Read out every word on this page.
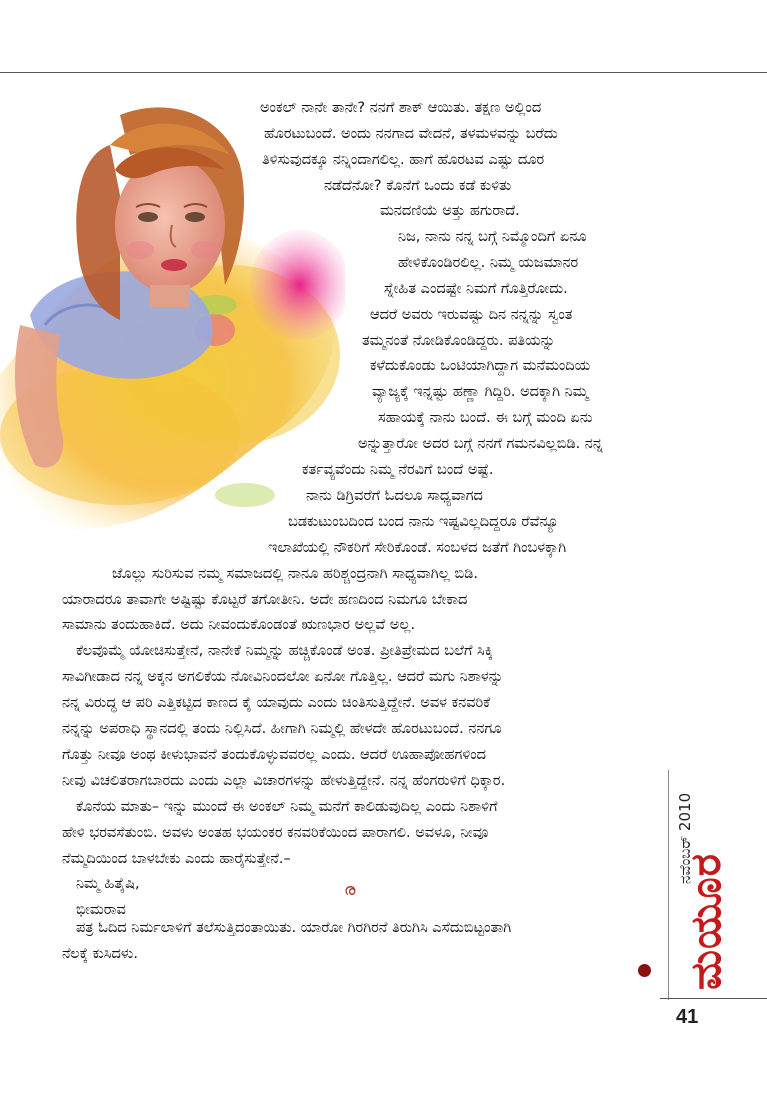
ಅಂಕಲ್ ನಾನೇ ತಾನೇ? ನನಗೆ ಶಾಕ್ ಆಯಿತು. ತಕ್ಷಣ ಅಲ್ಲಿಂದ
ಹೊರಟುಬಂದೆ. ಅಂದು ನನಗಾದ ವೇದನೆ, ತಳಮಳವನ್ನು ಬರೆದು
ತಿಳಿಸುವುದಕ್ಕೂ ನನ್ನಿಂದಾಗಲಿಲ್ಲ. ಹಾಗೆ ಹೊರಟವ ಎಷ್ಟು ದೂರ
ನಡೆದೆನೋ? ಕೊನೆಗೆ ಒಂದು ಕಡೆ ಕುಳಿತು
ಮನದಣಿಯೆ ಅತ್ತು ಹಗುರಾದೆ.
ನಿಜ, ನಾನು ನನ್ನ ಬಗ್ಗೆ ನಿಮ್ಮೊಂದಿಗೆ ಏನೂ
ಹೇಳಿಕೊಂಡಿರಲಿಲ್ಲ. ನಿಮ್ಮ ಯಜಮಾನರ
ಸ್ನೇಹಿತ ಎಂದಷ್ಟೇ ನಿಮಗೆ ಗೊತ್ತಿರೋದು.
ಆದರೆ ಅವರು ಇರುವಷ್ಟು ದಿನ ನನ್ನನ್ನು ಸ್ವಂತ
ತಮ್ಮನಂತೆ ನೋಡಿಕೊಂಡಿದ್ದರು. ಪತಿಯನ್ನು
ಕಳೆದುಕೊಂಡು ಒಂಟಿಯಾಗಿದ್ದಾಗ ಮನೆಮಂದಿಯ
ವ್ಯಾಜ್ಯಕ್ಕೆ ಇನ್ನಷ್ಟು ಹಣ್ಣಾ ಗಿದ್ದಿರಿ. ಅದಕ್ಕಾಗಿ ನಿಮ್ಮ
ಸಹಾಯಕ್ಕೆ ನಾನು ಬಂದೆ. ಈ ಬಗ್ಗೆ ಮಂದಿ ಏನು
ಅನ್ನುತ್ತಾರೋ ಅದರ ಬಗ್ಗೆ ನನಗೆ ಗಮನವಿಲ್ಲಬಿಡಿ. ನನ್ನ
ಕರ್ತವ್ಯವೆಂದು ನಿಮ್ಮ ನೆರವಿಗೆ ಬಂದೆ ಅಷ್ಟೆ.
ನಾನು ಡಿಗ್ರಿವರೆಗೆ ಓದಲೂ ಸಾಧ್ಯವಾಗದ
ಬಡಕುಟುಂಬದಿಂದ ಬಂದ ನಾನು ಇಷ್ಟವಿಲ್ಲದಿದ್ದರೂ ರೆವೆನ್ಯೂ
ಇಲಾಖೆಯಲ್ಲಿ ನೌಕರಿಗೆ ಸೇರಿಕೊಂಡೆ. ಸಂಬಳದ ಜತೆಗೆ ಗಿಂಬಳಕ್ಕಾಗಿ
ಜೊಲ್ಲು ಸುರಿಸುವ ನಮ್ಮ ಸಮಾಜದಲ್ಲಿ ನಾನೂ ಹರಿಶ್ಚಂದ್ರನಾಗಿ ಸಾಧ್ಯವಾಗಿಲ್ಲ ಬಿಡಿ.
ಯಾರಾದರೂ ತಾವಾಗೇ ಅಷ್ಟಿಷ್ಟು ಕೊಟ್ಟರೆ ತಗೋತೀನಿ. ಅದೇ ಹಣದಿಂದ ನಿಮಗೂ ಬೇಕಾದ
ಸಾಮಾನು ತಂದುಹಾಕಿದೆ. ಅದು ನೀವಂದುಕೊಂಡಂತೆ ಋಣಭಾರ ಅಲ್ಲವೆ ಅಲ್ಲ.
ಕೆಲವೊಮ್ಮೆ ಯೋಚಿಸುತ್ತೇನೆ, ನಾನೇಕೆ ನಿಮ್ಮನ್ನು ಹಚ್ಚಿಕೊಂಡೆ ಅಂತ. ಪ್ರೀತಿಪ್ರೇಮದ ಬಲೆಗೆ ಸಿಕ್ಕಿ
ಸಾವಿಗೀಡಾದ ನನ್ನ ಅಕ್ಕನ ಅಗಲಿಕೆಯ ನೋವಿನಿಂದಲೋ ಏನೋ ಗೊತ್ತಿಲ್ಲ. ಆದರೆ ಮಗು ನಿಶಾಳನ್ನು
ನನ್ನ ವಿರುದ್ಧ ಆ ಪರಿ ಎತ್ತಿಕಟ್ಟಿದ ಕಾಣದ ಕೈ ಯಾವುದು ಎಂದು ಚಿಂತಿಸುತ್ತಿದ್ದೇನೆ. ಅವಳ ಕನವರಿಕೆ
ನನ್ನನ್ನು ಅಪರಾಧಿ ಸ್ಥಾನದಲ್ಲಿ ತಂದು ನಿಲ್ಲಿಸಿದೆ. ಹೀಗಾಗಿ ನಿಮ್ಮಲ್ಲಿ ಹೇಳದೇ ಹೊರಟುಬಂದೆ. ನನಗೂ
ಗೊತ್ತು ನೀವೂ ಅಂಥ ಕೀಳುಭಾವನೆ ತಂದುಕೊಳ್ಳುವವರಲ್ಲ ಎಂದು. ಆದರೆ ಊಹಾಪೋಹಗಳಿಂದ
ನೀವು ವಿಚಲಿತರಾಗಬಾರದು ಎಂದು ಎಲ್ಲಾ ವಿಚಾರಗಳನ್ನು ಹೇಳುತ್ತಿದ್ದೇನೆ. ನನ್ನ ಹೆಂಗರುಳಿಗೆ ಧಿಕ್ಕಾರ.
ಕೊನೆಯ ಮಾತು– ಇನ್ನು ಮುಂದೆ ಈ ಅಂಕಲ್ ನಿಮ್ಮ ಮನೆಗೆ ಕಾಲಿಡುವುದಿಲ್ಲ ಎಂದು ನಿಶಾಳಿಗೆ
ಹೇಳಿ ಭರವಸೆತುಂಬಿ. ಅವಳು ಅಂತಹ ಭಯಂಕರ ಕನವರಿಕೆಯಿಂದ ಪಾರಾಗಲಿ. ಅವಳೂ, ನೀವೂ
ನೆಮ್ಮದಿಯಿಂದ ಬಾಳಬೇಕು ಎಂದು ಹಾರೈಸುತ್ತೇನೆ.–
ನಿಮ್ಮ ಹಿತೈಷಿ,
ಭೀಮರಾವ
ര
ಪತ್ರ ಓದಿದ ನಿರ್ಮಲಾಳಿಗೆ ತಲೆಸುತ್ತಿದಂತಾಯಿತು. ಯಾರೋ ಗಿರಗಿರನೆ ತಿರುಗಿಸಿ ಎಸೆದುಬಿಟ್ಟಂತಾಗಿ
ನೆಲಕ್ಕೆ ಕುಸಿದಳು.
ನವೆಂಬರ್ 2010
ಮಯೂರ
41
